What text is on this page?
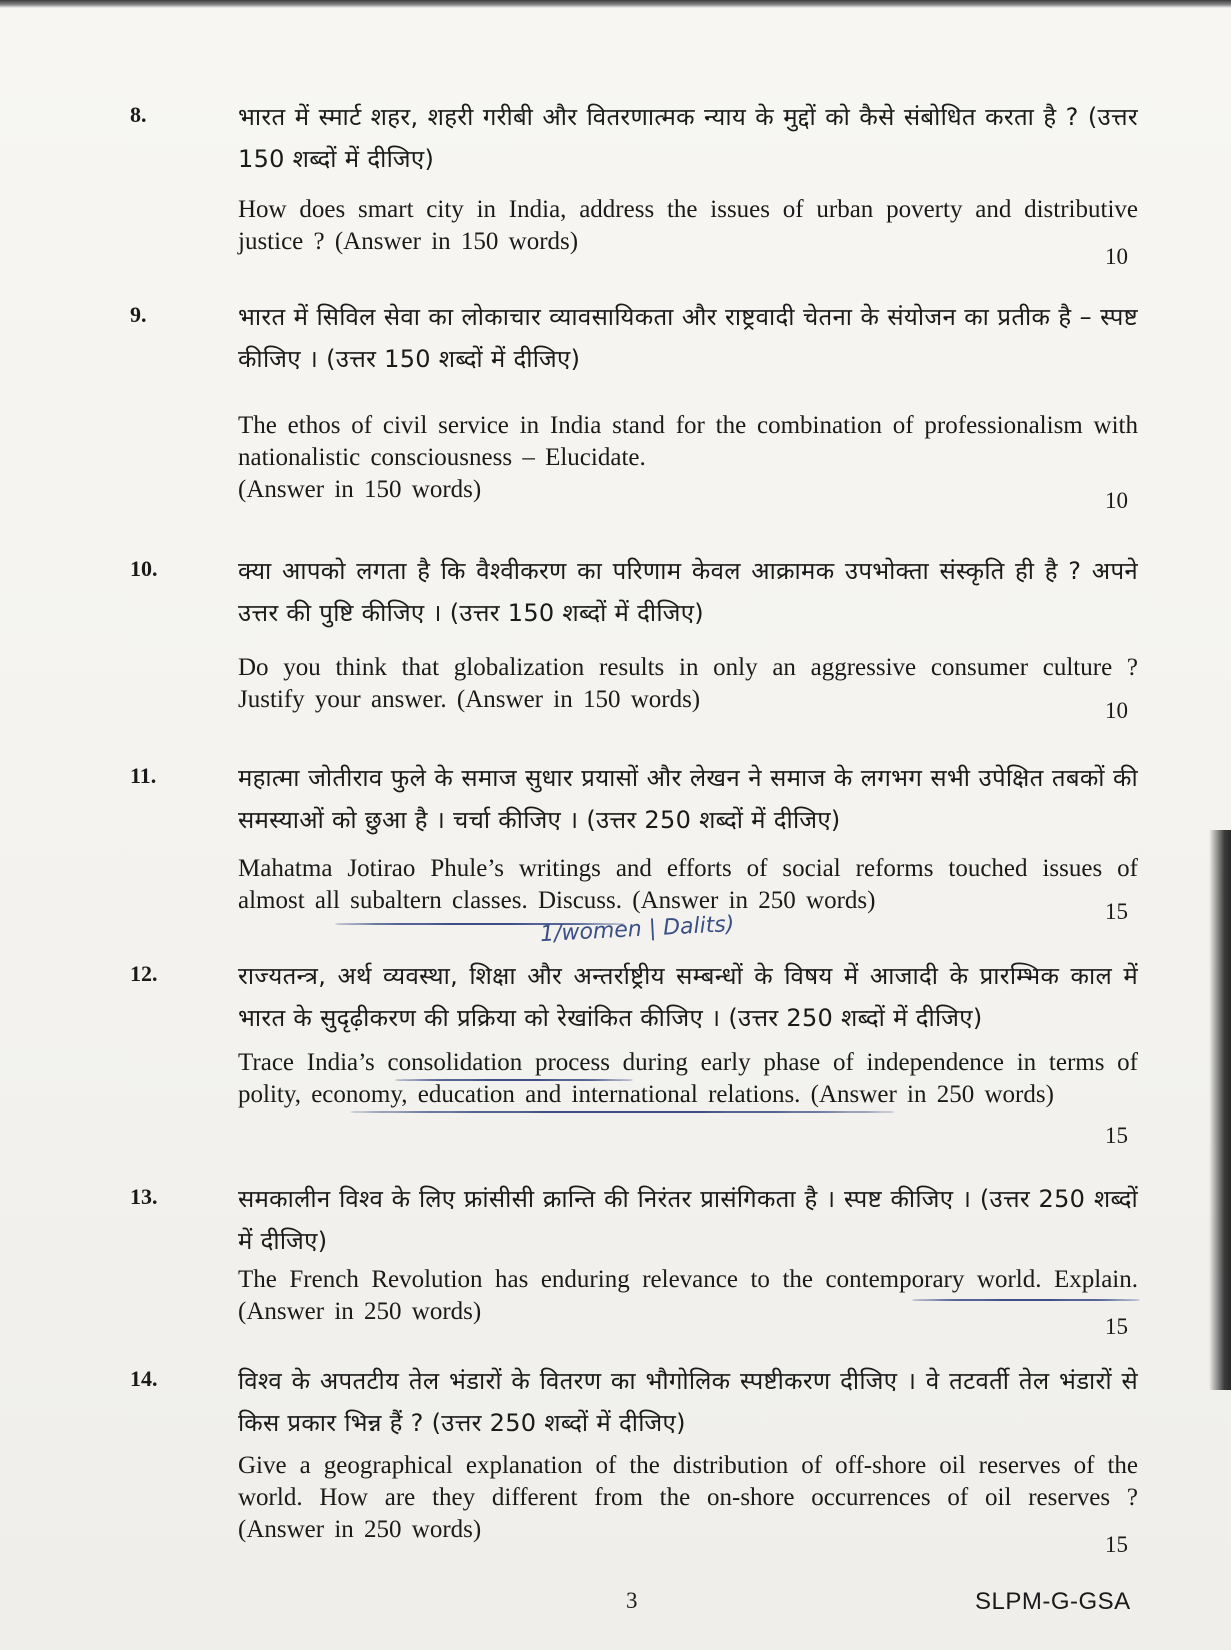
8.	भारत में स्मार्ट शहर, शहरी गरीबी और वितरणात्मक न्याय के मुद्दों को कैसे संबोधित करता है ? (उत्तर 150 शब्दों में दीजिए)
How does smart city in India, address the issues of urban poverty and distributive justice ? (Answer in 150 words)
10
9.	भारत में सिविल सेवा का लोकाचार व्यावसायिकता और राष्ट्रवादी चेतना के संयोजन का प्रतीक है – स्पष्ट कीजिए । (उत्तर 150 शब्दों में दीजिए)
The ethos of civil service in India stand for the combination of professionalism with nationalistic consciousness – Elucidate.
(Answer in 150 words)	10
10.	क्या आपको लगता है कि वैश्वीकरण का परिणाम केवल आक्रामक उपभोक्ता संस्कृति ही है ? अपने उत्तर की पुष्टि कीजिए । (उत्तर 150 शब्दों में दीजिए)
Do you think that globalization results in only an aggressive consumer culture ? Justify your answer. (Answer in 150 words)	10
11.	महात्मा जोतीराव फुले के समाज सुधार प्रयासों और लेखन ने समाज के लगभग सभी उपेक्षित तबकों की समस्याओं को छुआ है । चर्चा कीजिए । (उत्तर 250 शब्दों में दीजिए)
Mahatma Jotirao Phule’s writings and efforts of social reforms touched issues of almost all subaltern classes. Discuss. (Answer in 250 words)	15
1/women | Dalits)
12.	राज्यतन्त्र, अर्थ व्यवस्था, शिक्षा और अन्तर्राष्ट्रीय सम्बन्धों के विषय में आजादी के प्रारम्भिक काल में भारत के सुदृढ़ीकरण की प्रक्रिया को रेखांकित कीजिए । (उत्तर 250 शब्दों में दीजिए)
Trace India’s consolidation process during early phase of independence in terms of polity, economy, education and international relations. (Answer in 250 words)
15
13.	समकालीन विश्व के लिए फ्रांसीसी क्रान्ति की निरंतर प्रासंगिकता है । स्पष्ट कीजिए । (उत्तर 250 शब्दों में दीजिए)
The French Revolution has enduring relevance to the contemporary world. Explain. (Answer in 250 words)
15
14.	विश्व के अपतटीय तेल भंडारों के वितरण का भौगोलिक स्पष्टीकरण दीजिए । वे तटवर्ती तेल भंडारों से किस प्रकार भिन्न हैं ? (उत्तर 250 शब्दों में दीजिए)
Give a geographical explanation of the distribution of off-shore oil reserves of the world. How are they different from the on-shore occurrences of oil reserves ? (Answer in 250 words)
15
3	SLPM-G-GSA
